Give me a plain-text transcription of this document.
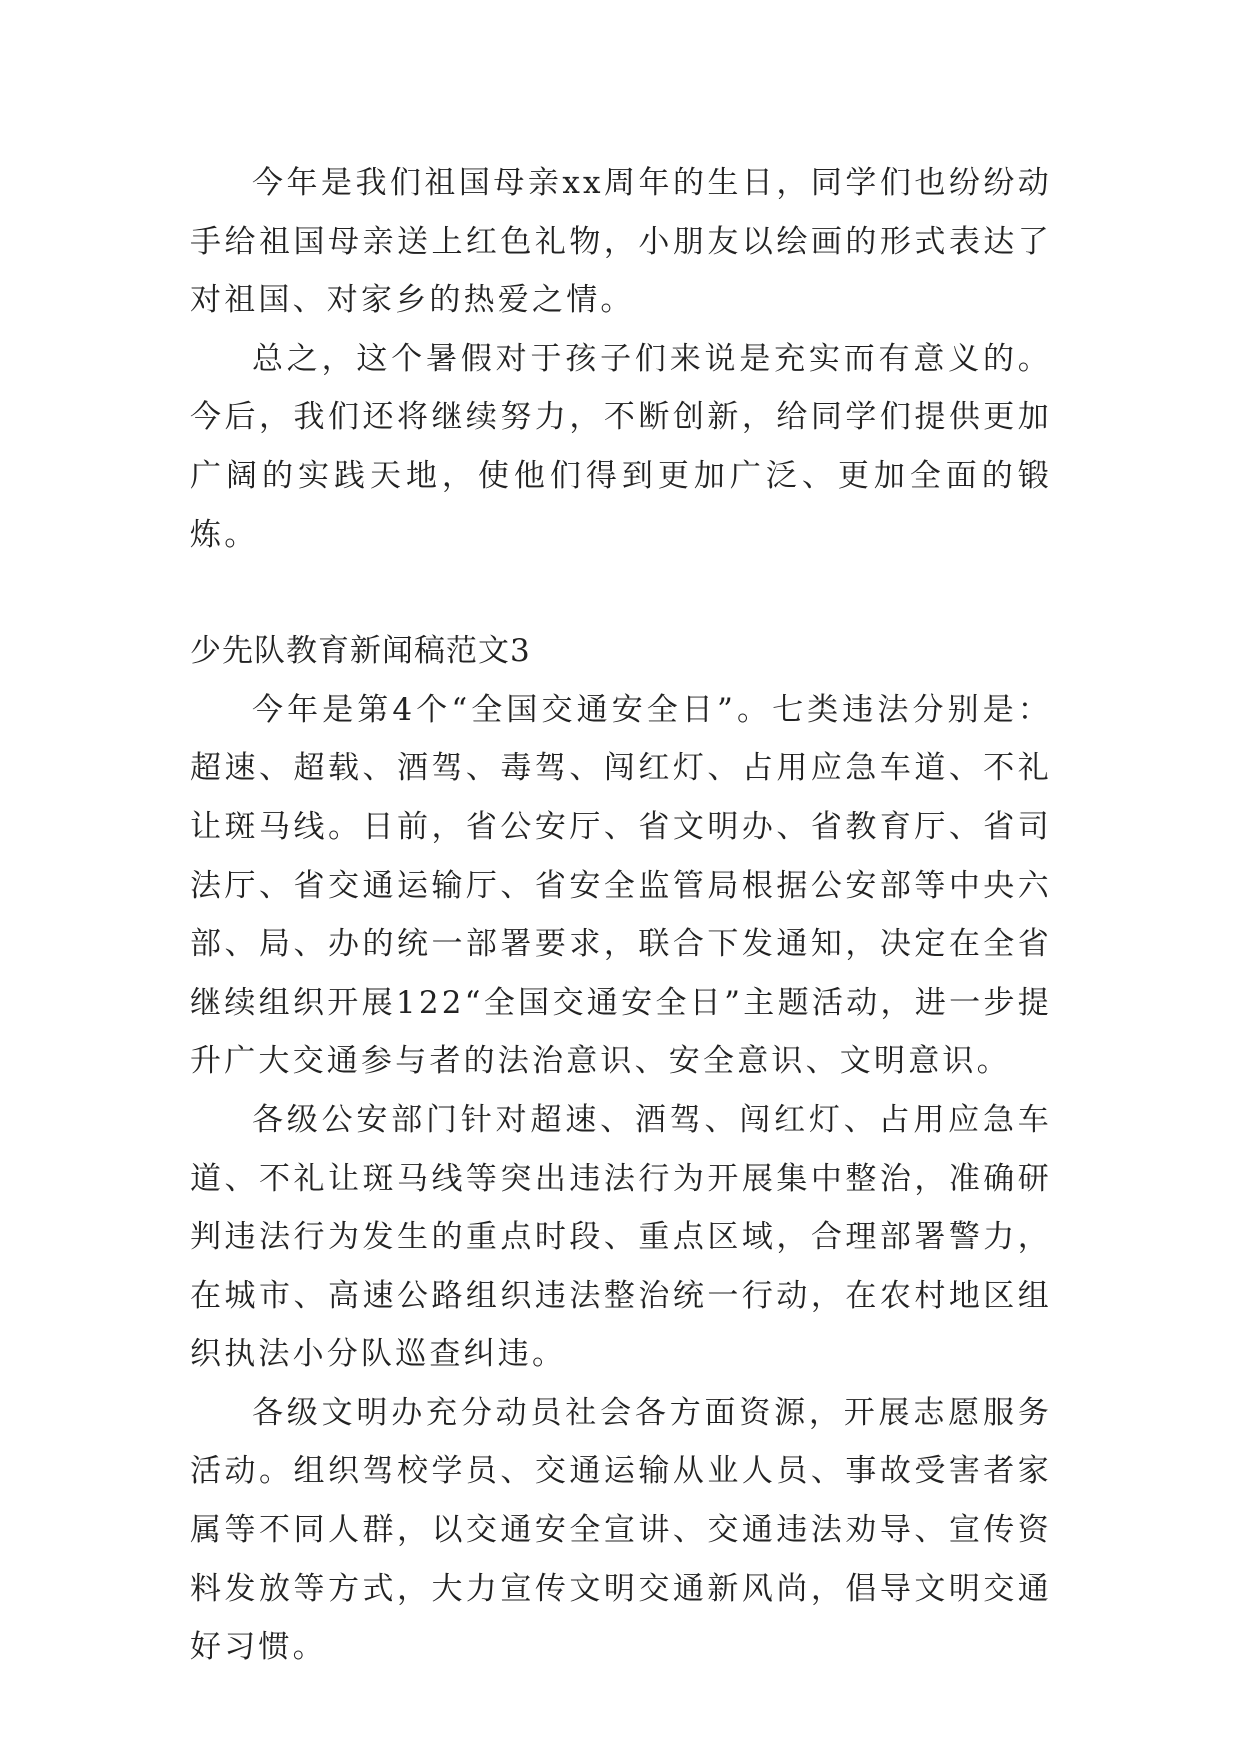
今年是我们祖国母亲xx周年的生日，同学们也纷纷动手给祖国母亲送上红色礼物，小朋友以绘画的形式表达了对祖国、对家乡的热爱之情。

总之，这个暑假对于孩子们来说是充实而有意义的。今后，我们还将继续努力，不断创新，给同学们提供更加广阔的实践天地，使他们得到更加广泛、更加全面的锻炼。

少先队教育新闻稿范文3

今年是第4个“全国交通安全日”。七类违法分别是：超速、超载、酒驾、毒驾、闯红灯、占用应急车道、不礼让斑马线。日前，省公安厅、省文明办、省教育厅、省司法厅、省交通运输厅、省安全监管局根据公安部等中央六部、局、办的统一部署要求，联合下发通知，决定在全省继续组织开展122“全国交通安全日”主题活动，进一步提升广大交通参与者的法治意识、安全意识、文明意识。

各级公安部门针对超速、酒驾、闯红灯、占用应急车道、不礼让斑马线等突出违法行为开展集中整治，准确研判违法行为发生的重点时段、重点区域，合理部署警力，在城市、高速公路组织违法整治统一行动，在农村地区组织执法小分队巡查纠违。

各级文明办充分动员社会各方面资源，开展志愿服务活动。组织驾校学员、交通运输从业人员、事故受害者家属等不同人群，以交通安全宣讲、交通违法劝导、宣传资料发放等方式，大力宣传文明交通新风尚，倡导文明交通好习惯。
